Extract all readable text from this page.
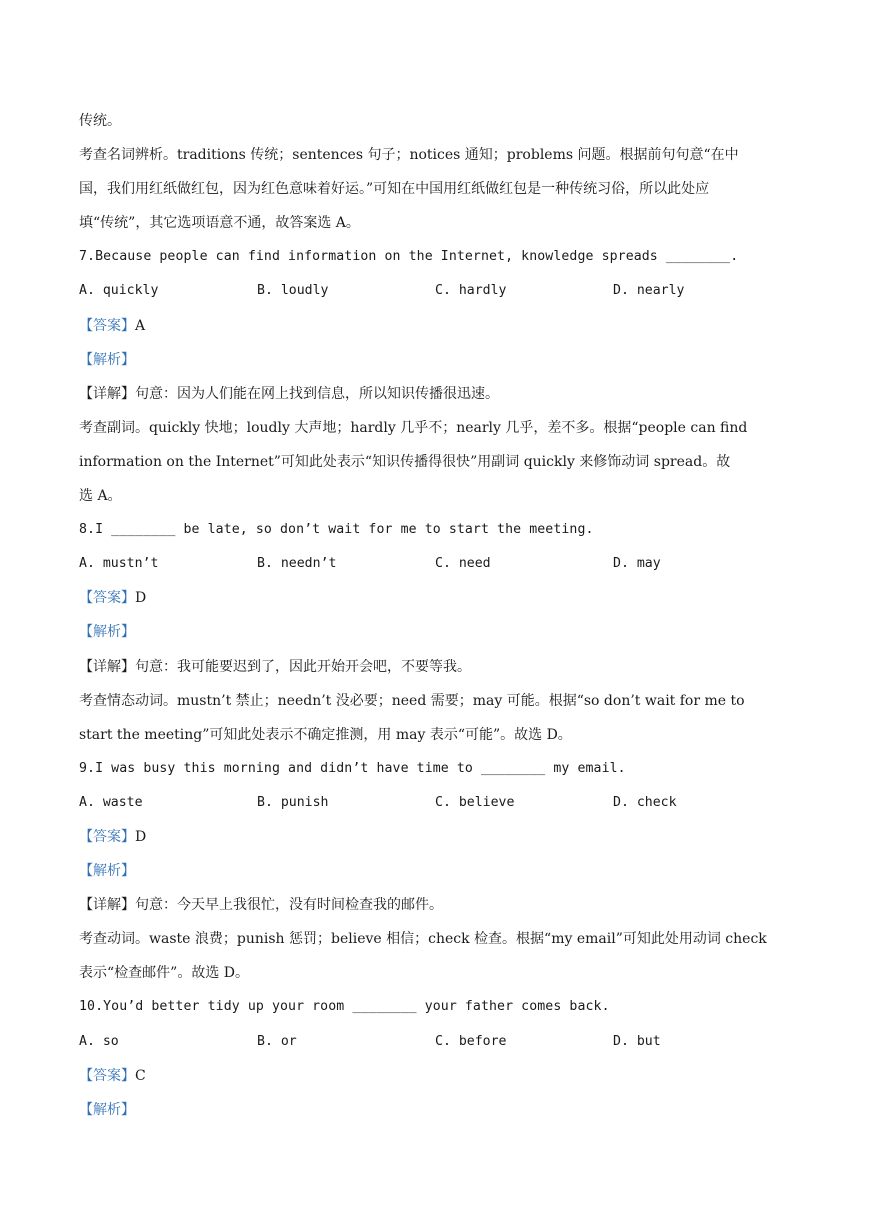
传统。
考查名词辨析。traditions 传统；sentences 句子；notices 通知；problems 问题。根据前句句意“在中
国，我们用红纸做红包，因为红色意味着好运。”可知在中国用红纸做红包是一种传统习俗，所以此处应
填“传统”，其它选项语意不通，故答案选 A。
7.Because people can find information on the Internet, knowledge spreads ________.
A. quickly	B. loudly	C. hardly	D. nearly
【答案】A
【解析】
【详解】句意：因为人们能在网上找到信息，所以知识传播很迅速。
考查副词。quickly 快地；loudly 大声地；hardly 几乎不；nearly 几乎，差不多。根据“people can find
information on the Internet”可知此处表示“知识传播得很快”用副词 quickly 来修饰动词 spread。故
选 A。
8.I ________ be late, so don’t wait for me to start the meeting.
A. mustn’t	B. needn’t	C. need	D. may
【答案】D
【解析】
【详解】句意：我可能要迟到了，因此开始开会吧，不要等我。
考查情态动词。mustn’t 禁止；needn’t 没必要；need 需要；may 可能。根据“so don’t wait for me to
start the meeting”可知此处表示不确定推测，用 may 表示“可能”。故选 D。
9.I was busy this morning and didn’t have time to ________ my email.
A. waste	B. punish	C. believe	D. check
【答案】D
【解析】
【详解】句意：今天早上我很忙，没有时间检查我的邮件。
考查动词。waste 浪费；punish 惩罚；believe 相信；check 检查。根据“my email”可知此处用动词 check
表示“检查邮件”。故选 D。
10.You’d better tidy up your room ________ your father comes back.
A. so	B. or	C. before	D. but
【答案】C
【解析】
